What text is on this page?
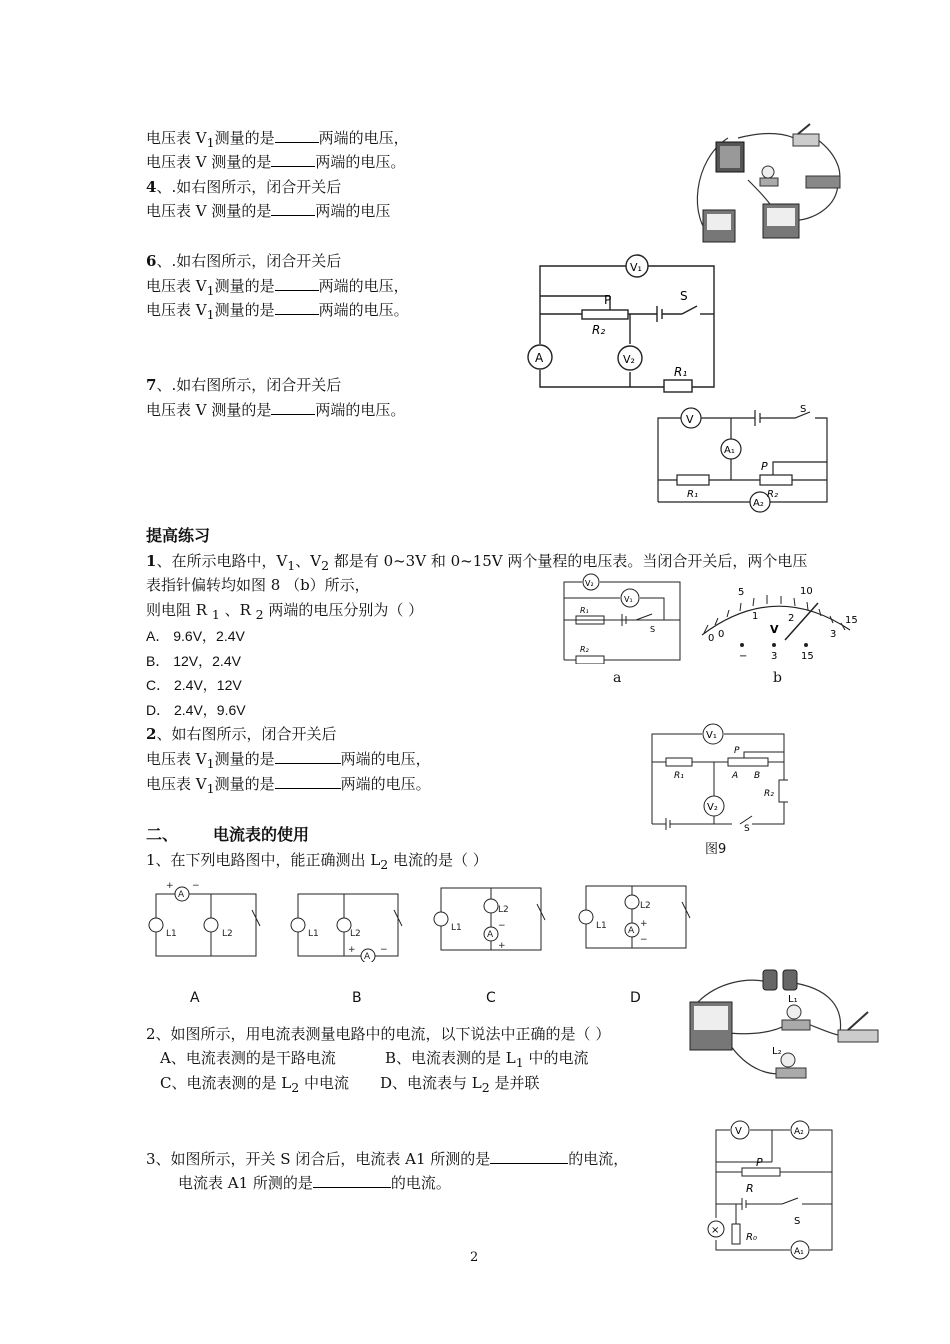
电压表 $V_1$测量的是	两端的电压，
电压表 V 测量的是	两端的电压。
4、.如右图所示，闭合开关后
电压表 V 测量的是	两端的电压
6、.如右图所示，闭合开关后
电压表 $V_1$测量的是	两端的电压，
电压表 $V_1$测量的是	两端的电压。
7、.如右图所示，闭合开关后
电压表 V 测量的是	两端的电压。
V₁
A	V₂
P
R₂
S
R₁
V
A₁
A₂
S
P
R₁	R₂
提高练习
1、在所示电路中，$V_1$、$V_2$ 都是有 0~3V 和 0~15V 两个量程的电压表。当闭合开关后，两个电压
表指针偏转均如图 8 （b）所示，
则电阻 R $_1$ 、R $_2$ 两端的电压分别为（ ）
A． 9.6V，2.4V
B． 12V，2.4V
C． 2.4V，12V
D． 2.4V，9.6V
2、如右图所示，闭合开关后
电压表 $V_1$测量的是	两端的电压，
电压表 $V_1$测量的是	两端的电压。
V₂
V₁
R₁
R₂
S
a
0
5	10
15
0
1	2
3
V
− 3 15
b
V₁
V₂
R₁
P
A B
R₂
S
图9
二、 电流表的使用
1、在下列电路图中，能正确测出 $L_2$ 电流的是（ ）
A
A
A	A
+ −
L1	L2	L1	L2
+	−
L1
L2
−
+
L1
L2
+
−
A	B	C	D	L₁
L₂
2、如图所示，用电流表测量电路中的电流，以下说法中正确的是（ ）
A、电流表测的是干路电流	B、电流表测的是 $L_1$ 中的电流
C、电流表测的是 $L_2$ 中电流 D、电流表与 $L_2$ 是并联
3、如图所示，开关 S 闭合后，电流表 A1 所测的是	的电流，
电流表 A1 所测的是	的电流。
V	A₂
A₁
×
P
R
S
R₀
2
